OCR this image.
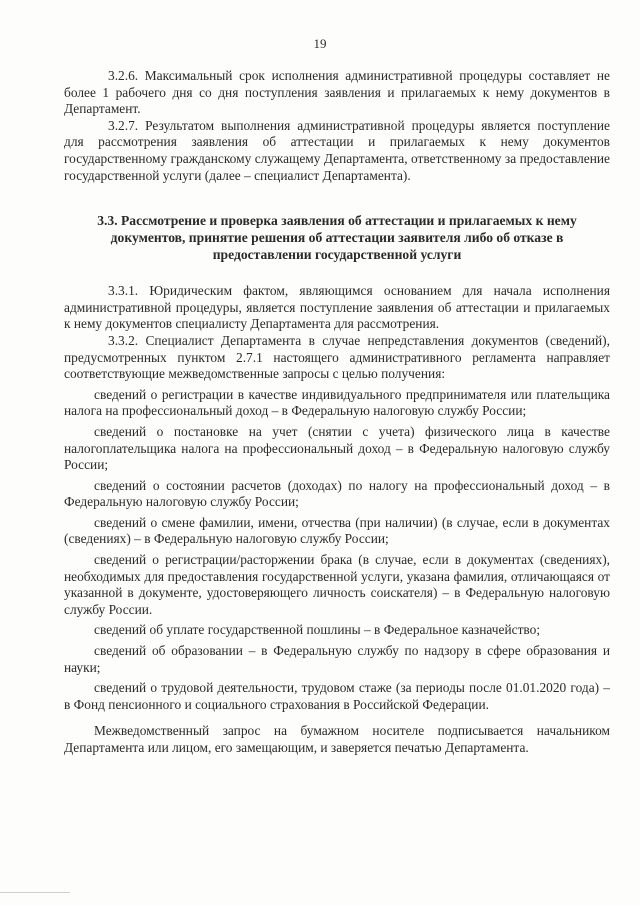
19

3.2.6. Максимальный срок исполнения административной процедуры составляет не более 1 рабочего дня со дня поступления заявления и прилагаемых к нему документов в Департамент.

3.2.7. Результатом выполнения административной процедуры является поступление для рассмотрения заявления об аттестации и прилагаемых к нему документов государственному гражданскому служащему Департамента, ответственному за предоставление государственной услуги (далее – специалист Департамента).

3.3. Рассмотрение и проверка заявления об аттестации и прилагаемых к нему документов, принятие решения об аттестации заявителя либо об отказе в предоставлении государственной услуги

3.3.1. Юридическим фактом, являющимся основанием для начала исполнения административной процедуры, является поступление заявления об аттестации и прилагаемых к нему документов специалисту Департамента для рассмотрения.

3.3.2. Специалист Департамента в случае непредставления документов (сведений), предусмотренных пунктом 2.7.1 настоящего административного регламента направляет соответствующие межведомственные запросы с целью получения:

сведений о регистрации в качестве индивидуального предпринимателя или плательщика налога на профессиональный доход – в Федеральную налоговую службу России;

сведений о постановке на учет (снятии с учета) физического лица в качестве налогоплательщика налога на профессиональный доход – в Федеральную налоговую службу России;

сведений о состоянии расчетов (доходах) по налогу на профессиональный доход – в Федеральную налоговую службу России;

сведений о смене фамилии, имени, отчества (при наличии) (в случае, если в документах (сведениях) – в Федеральную налоговую службу России;

сведений о регистрации/расторжении брака (в случае, если в документах (сведениях), необходимых для предоставления государственной услуги, указана фамилия, отличающаяся от указанной в документе, удостоверяющего личность соискателя) – в Федеральную налоговую службу России.

сведений об уплате государственной пошлины – в Федеральное казначейство;

сведений об образовании – в Федеральную службу по надзору в сфере образования и науки;

сведений о трудовой деятельности, трудовом стаже (за периоды после 01.01.2020 года) – в Фонд пенсионного и социального страхования в Российской Федерации.

Межведомственный запрос на бумажном носителе подписывается начальником Департамента или лицом, его замещающим, и заверяется печатью Департамента.
